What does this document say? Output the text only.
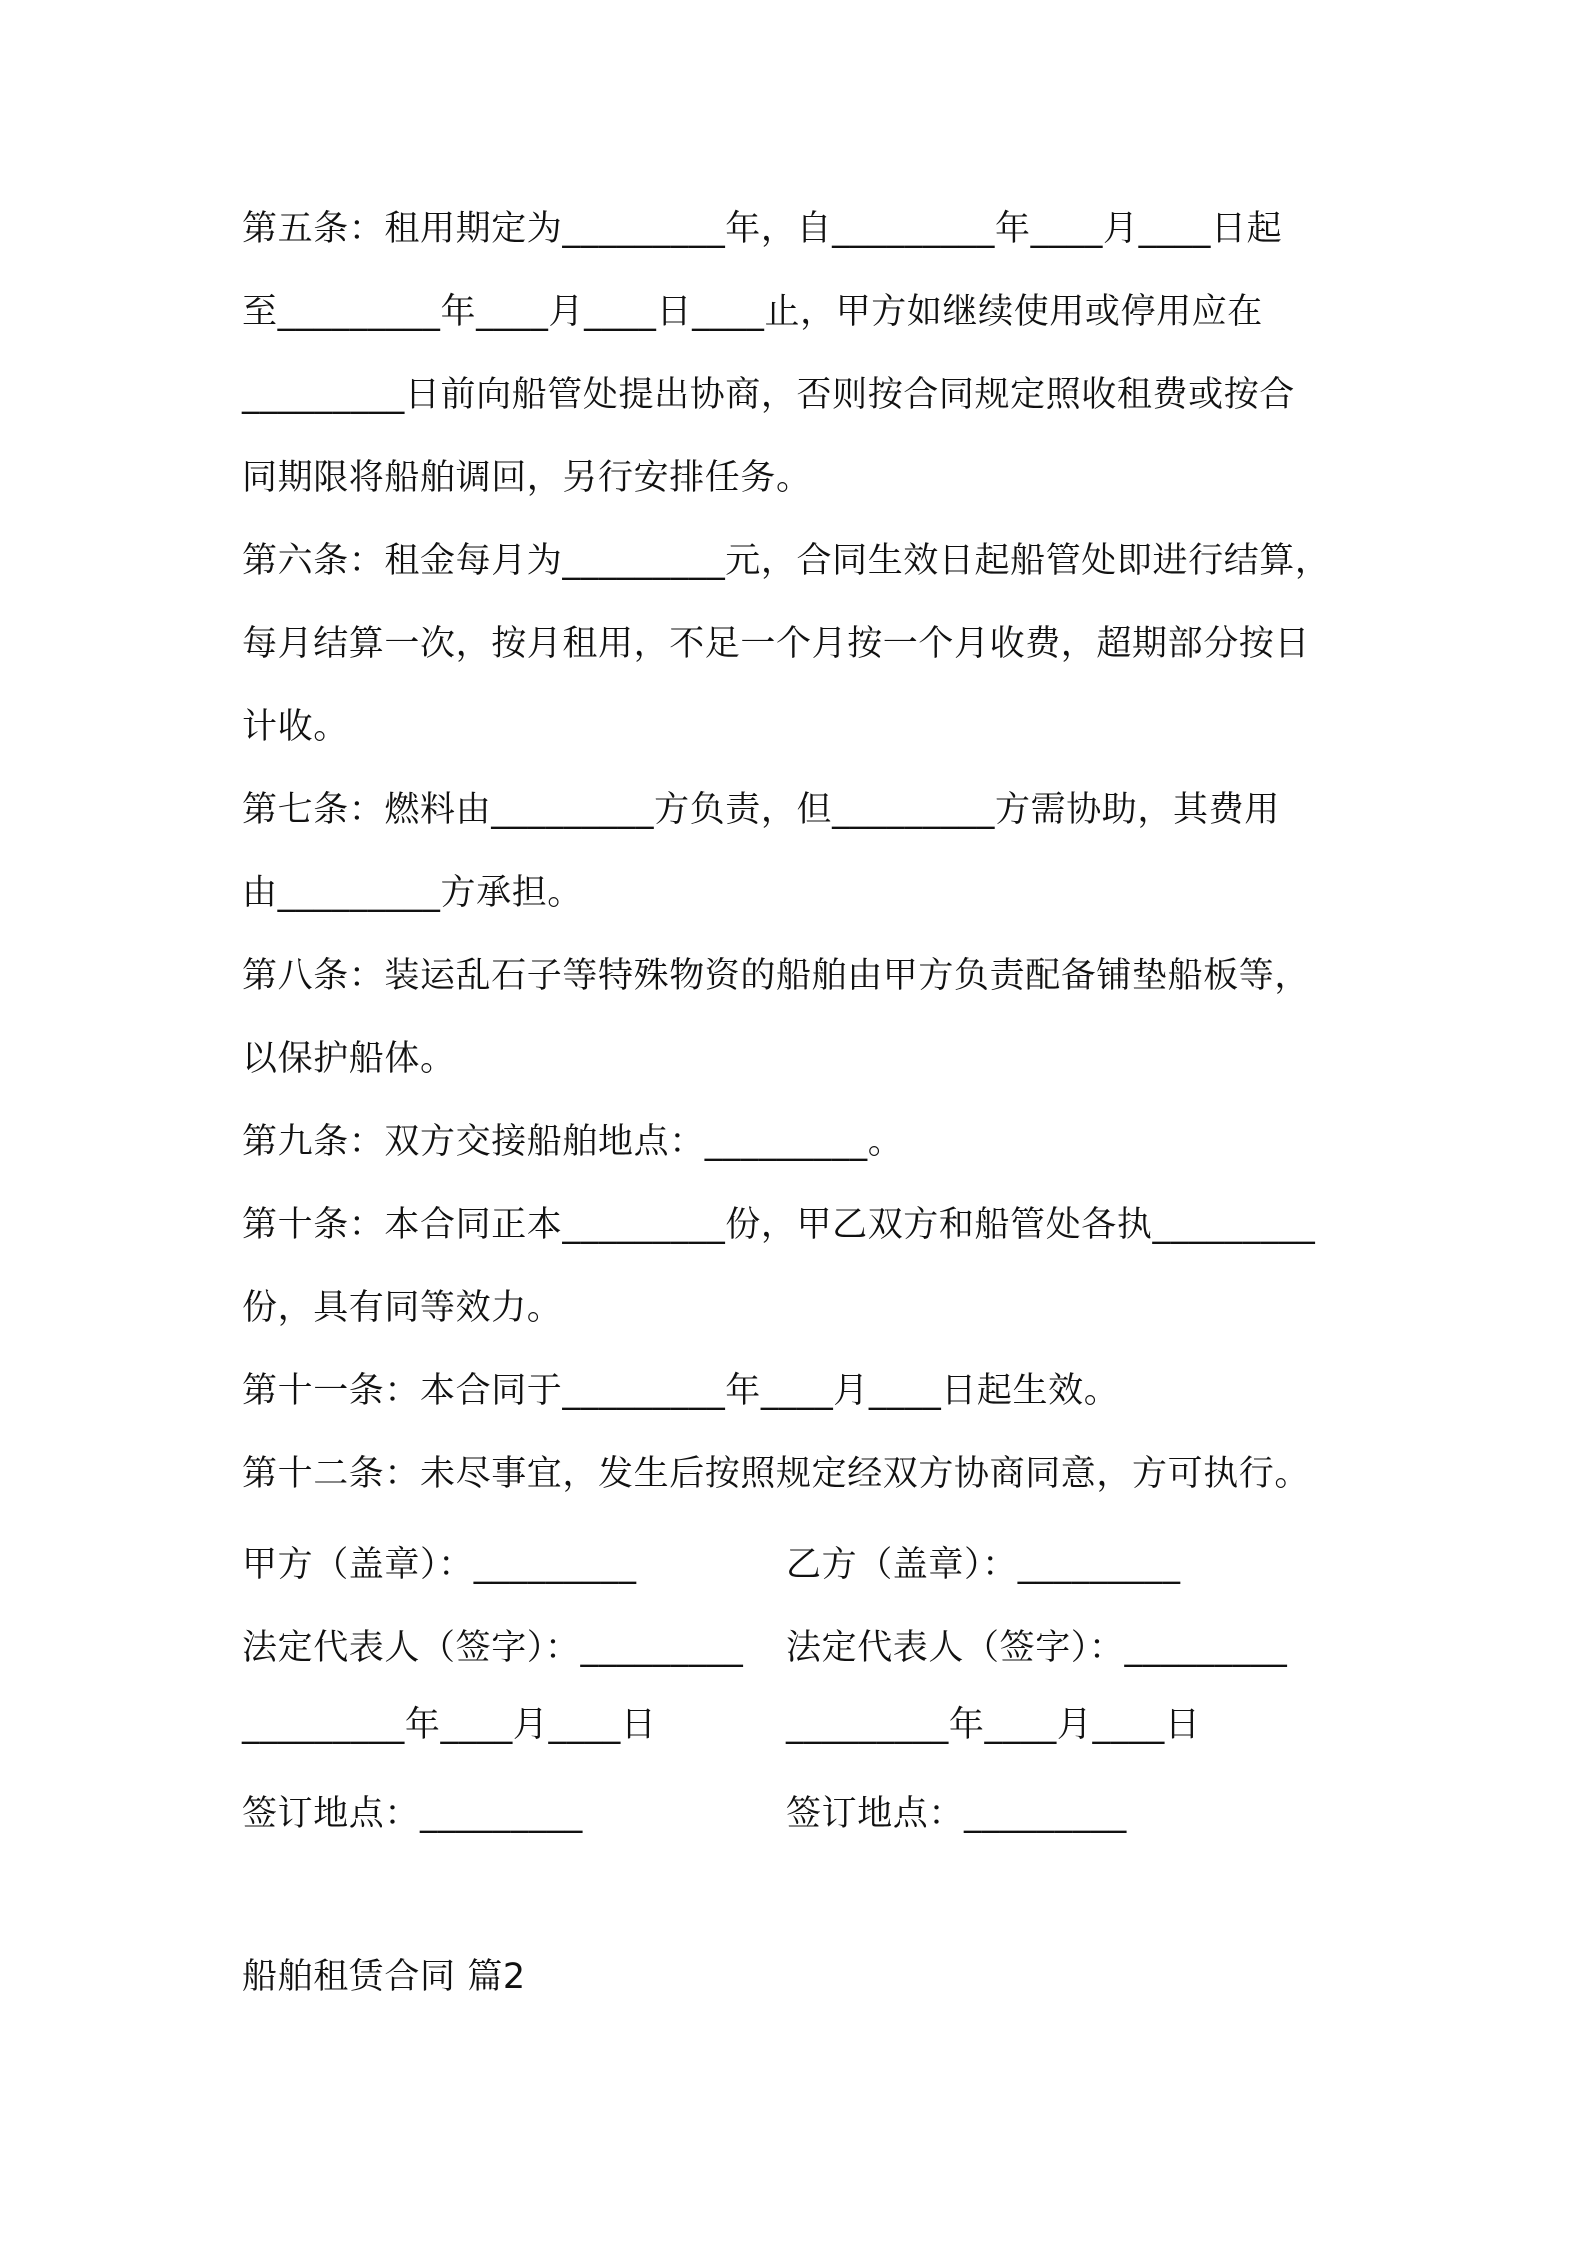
第五条：租用期定为_________年，自_________年____月____日起
至_________年____月____日____止，甲方如继续使用或停用应在
_________日前向船管处提出协商，否则按合同规定照收租费或按合
同期限将船舶调回，另行安排任务。
第六条：租金每月为_________元，合同生效日起船管处即进行结算，
每月结算一次，按月租用，不足一个月按一个月收费，超期部分按日
计收。
第七条：燃料由_________方负责，但_________方需协助，其费用
由_________方承担。
第八条：装运乱石子等特殊物资的船舶由甲方负责配备铺垫船板等，
以保护船体。
第九条：双方交接船舶地点：_________。
第十条：本合同正本_________份，甲乙双方和船管处各执_________
份，具有同等效力。
第十一条：本合同于_________年____月____日起生效。
第十二条：未尽事宜，发生后按照规定经双方协商同意，方可执行。
甲方（盖章）：_________	乙方（盖章）：_________
法定代表人（签字）：_________ 法定代表人（签字）：_________
_________年____月____日	_________年____月____日
签订地点：_________	签订地点：_________
船舶租赁合同 篇2
